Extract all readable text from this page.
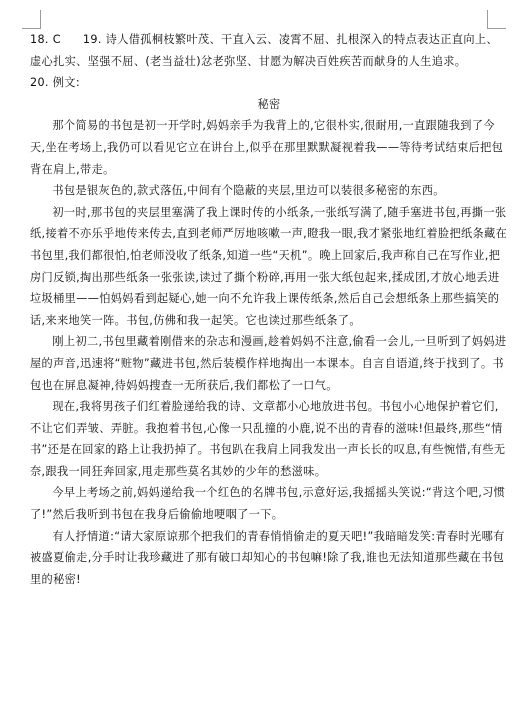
18. C 19. 诗人借孤桐枝繁叶茂、干直入云、凌霄不屈、扎根深入的特点表达正直向上、

虚心扎实、坚强不屈、(老当益壮)忿老弥坚、甘愿为解决百姓疾苦而献身的人生追求。

20. 例文:

秘密

那个简易的书包是初一开学时,妈妈亲手为我背上的,它很朴实,很耐用,一直跟随我到了今天,坐在考场上,我仍可以看见它立在讲台上,似乎在那里默默凝视着我——等待考试结束后把包背在肩上,带走。

书包是银灰色的,款式落伍,中间有个隐蔽的夹层,里边可以装很多秘密的东西。

初一时,那书包的夹层里塞满了我上课时传的小纸条,一张纸写满了,随手塞进书包,再撕一张纸,接着不亦乐乎地传来传去,直到老师严厉地咳嗽一声,瞪我一眼,我才紧张地红着脸把纸条藏在书包里,我们都很怕,怕老师没收了纸条,知道一些“天机”。晚上回家后,我声称自己在写作业,把房门反锁,掏出那些纸条一张张读,读过了撕个粉碎,再用一张大纸包起来,揉成团,才放心地丢进垃圾桶里——怕妈妈看到起疑心,她一向不允许我上课传纸条,然后自己会想纸条上那些搞笑的话,来来地笑一阵。书包,仿佛和我一起笑。它也读过那些纸条了。

刚上初二,书包里藏着刚借来的杂志和漫画,趁着妈妈不注意,偷看一会儿,一旦听到了妈妈进屋的声音,迅速将“赃物”藏进书包,然后装模作样地掏出一本课本。自言自语道,终于找到了。书包也在屏息凝神,待妈妈搜查一无所获后,我们都松了一口气。

现在,我将男孩子们红着脸递给我的诗、文章都小心地放进书包。书包小心地保护着它们,不让它们弄皱、弄脏。我抱着书包,心像一只乱撞的小鹿,说不出的青春的滋味!但最终,那些“情书”还是在回家的路上让我扔掉了。书包趴在我肩上同我发出一声长长的叹息,有些惋惜,有些无奈,跟我一同狂奔回家,甩走那些莫名其妙的少年的愁滋味。

今早上考场之前,妈妈递给我一个红色的名牌书包,示意好运,我摇摇头笑说:“背这个吧,习惯了!”然后我听到书包在我身后偷偷地哽咽了一下。

有人抒情道:“请大家原谅那个把我们的青春悄悄偷走的夏天吧!”我暗暗发笑:青春时光哪有被盛夏偷走,分手时让我珍藏进了那有破口却知心的书包嘛!除了我,谁也无法知道那些藏在书包里的秘密!
